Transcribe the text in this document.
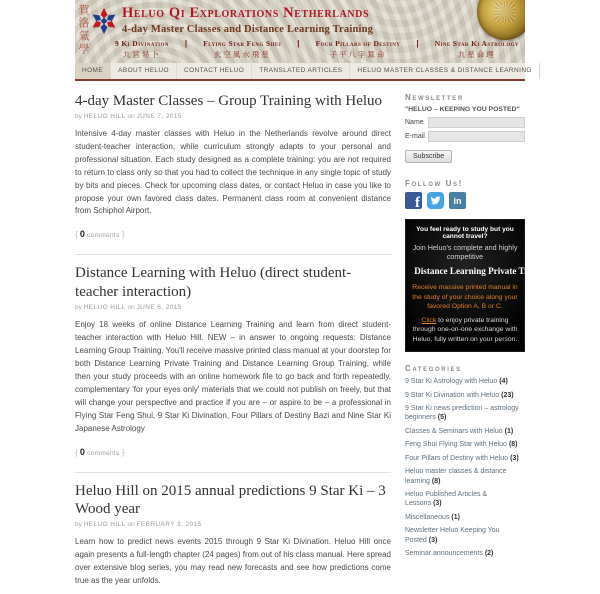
賀洛氣學 Heluo Qi Explorations Netherlands
4-day Master Classes and Distance Learning Training
9 Ki Divination
九宮易卜
| Flying Star Feng Shui
玄空風水飛星
| Four Pillars of Destiny
子平八字算命
| Nine Star Ki Astrology
九星命理
HOME	ABOUT HELUO	CONTACT HELUO	TRANSLATED ARTICLES	HELUO MASTER CLASSES & DISTANCE LEARNING
4-day Master Classes – Group Training with Heluo
by HELUO HILL on JUNE 7, 2015

Intensive 4-day master classes with Heluo in the Netherlands revolve around direct student-teacher interaction, while curriculum strongly adapts to your personal and professional situation. Each study designed as a complete training: you are not required to return to class only so that you had to collect the technique in any single topic of study by bits and pieces. Check for upcoming class dates, or contact Heluo in case you like to propose your own favored class dates. Permanent class room at convenient distance from Schiphol Airport.

{ 0 comments }
Distance Learning with Heluo (direct student-teacher interaction)
by HELUO HILL on JUNE 6, 2015

Enjoy 18 weeks of online Distance Learning Training and learn from direct student-teacher interaction with Heluo Hill. NEW – in answer to ongoing requests: Distance Learning Group Training. You'll receive massive printed class manual at your doorstep for both Distance Learning Private Training and Distance Learning Group Training, while then your study proceeds with an online homework file to go back and forth repeatedly, complementary 'for your eyes only' materials that we could not publish on freely, but that will change your perspective and practice if you are – or aspire to be – a professional in Flying Star Feng Shui, 9 Star Ki Divination, Four Pillars of Destiny Bazi and Nine Star Ki Japanese Astrology

{ 0 comments }
Heluo Hill on 2015 annual predictions 9 Star Ki – 3 Wood year
by HELUO HILL on FEBRUARY 3, 2015

Learn how to predict news events 2015 through 9 Star Ki Divination. Heluo Hill once again presents a full-length chapter (24 pages) from out of his class manual. Here spread over extensive blog series, you may read new forecasts and see how predictions come true as the year unfolds.

Newsletter
"HELUO – KEEPING YOU POSTED"
Name
E-mail
Subscribe
Follow Us!
f	in
You feel ready to study but you cannot travel?
Join Heluo's complete and highly competitive
Distance Learning Private Training
Receive massive printed manual in the study of your choice along your favored Option A, B or C.
Click to enjoy private training through one-on-one exchange with Heluo, fully written on your person.
Categories
9 Star Ki Astrology with Heluo (4)
9 Star Ki Divination with Heluo (23)
9 Star Ki news prediction – astrology beginners (5)
Classes & Seminars with Heluo (1)
Feng Shui Flying Star with Heluo (8)
Four Pillars of Destiny with Heluo (3)
Heluo master classes & distance learning (8)
Heluo Published Articles & Lessons (3)
Miscellaneous (1)
Newsletter Heluo Keeping You Posted (3)
Seminar announcements (2)
